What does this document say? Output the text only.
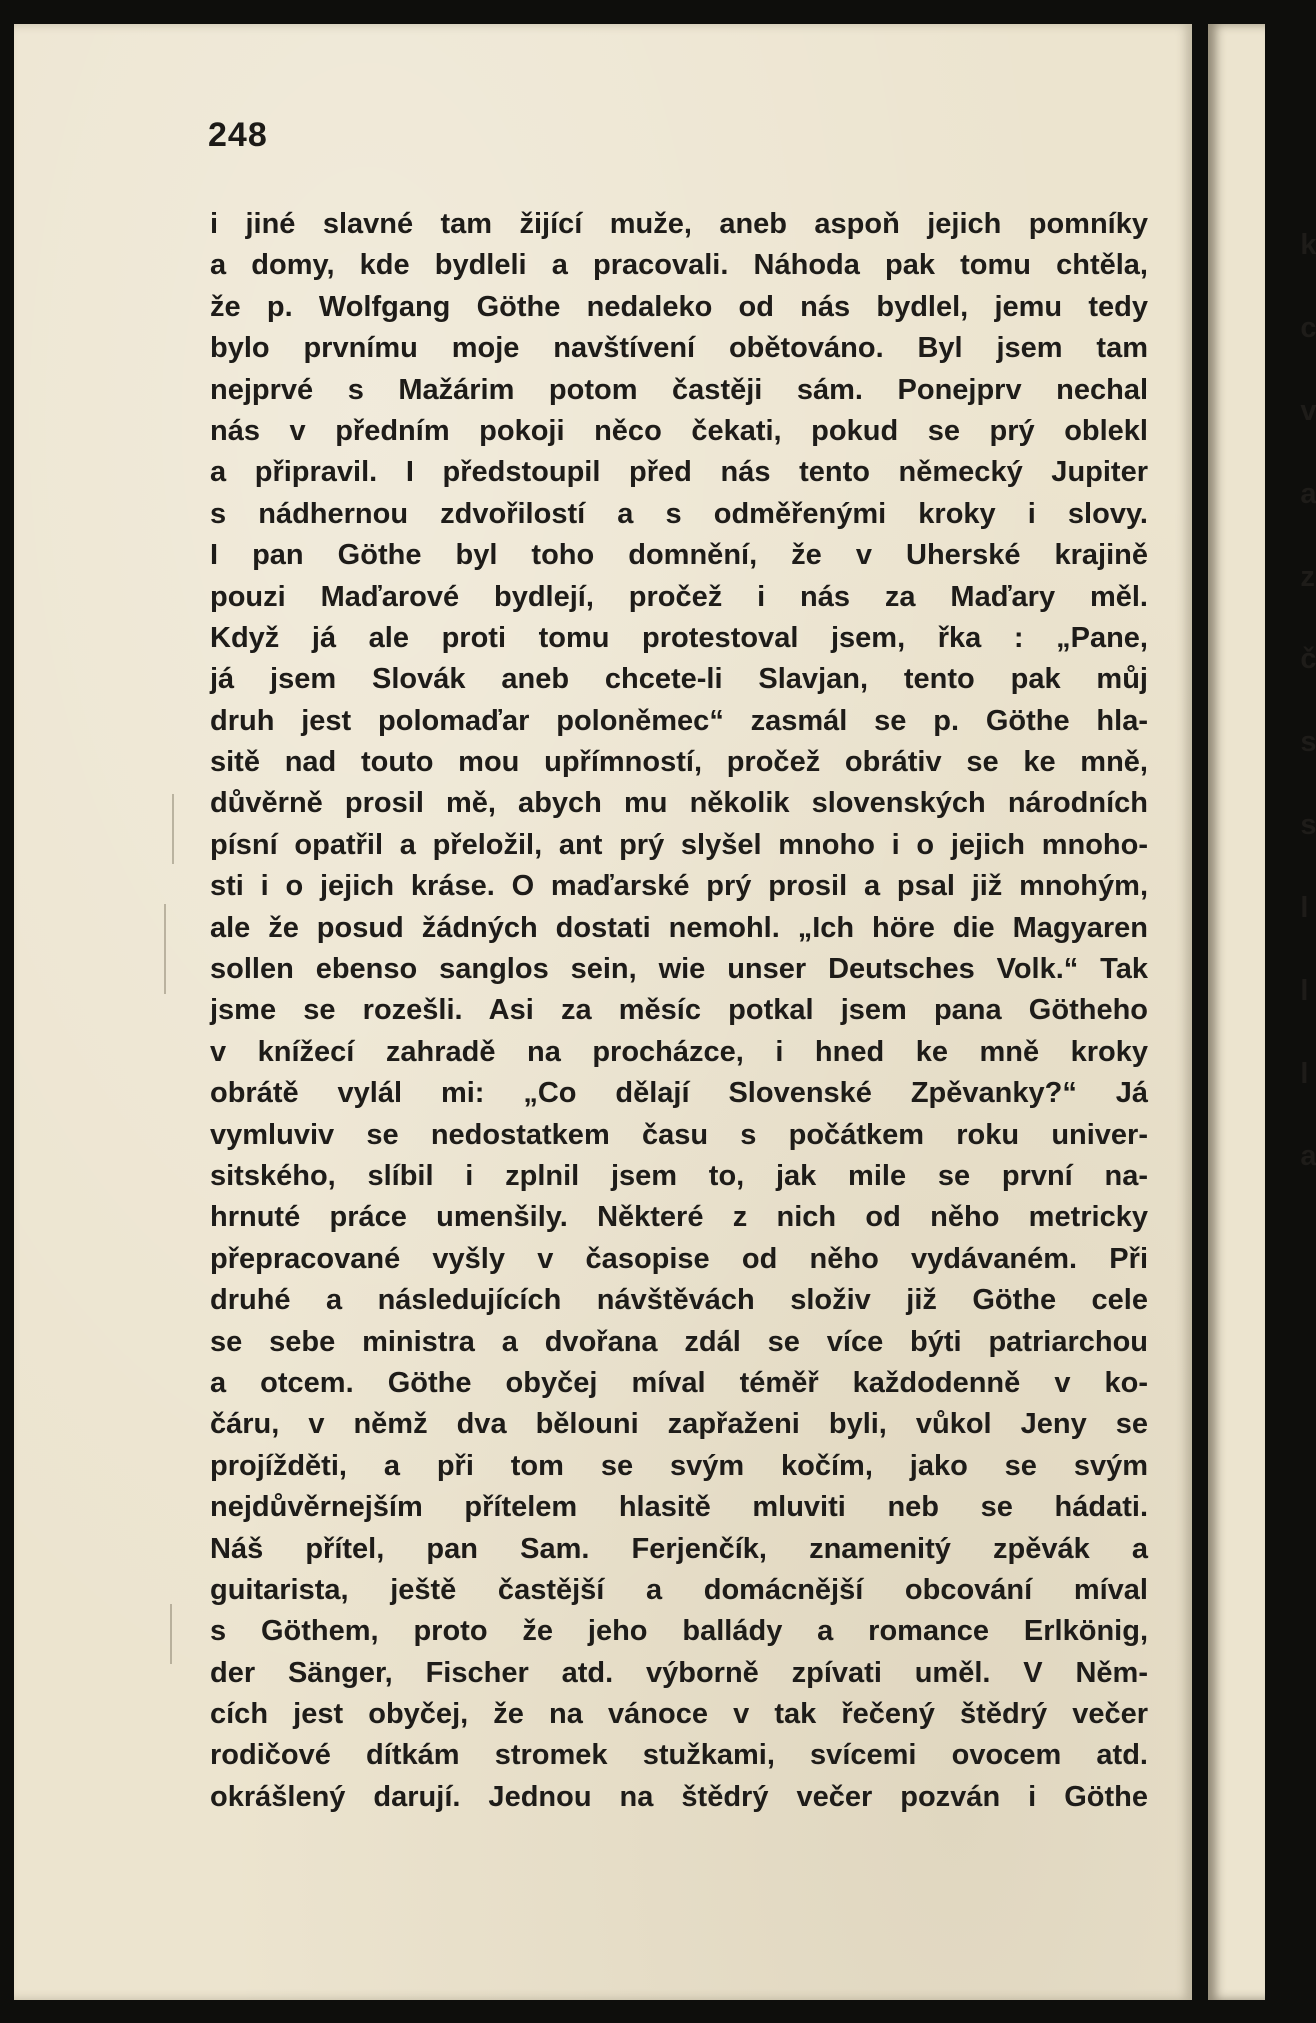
248

i jiné slavné tam žijící muže, aneb aspoň jejich pomníky
a domy, kde bydleli a pracovali. Náhoda pak tomu chtěla,
že p. Wolfgang Göthe nedaleko od nás bydlel, jemu tedy
bylo prvnímu moje navštívení obětováno. Byl jsem tam
nejprvé s Mažárim potom častěji sám. Ponejprv nechal
nás v předním pokoji něco čekati, pokud se prý oblekl
a připravil. I předstoupil před nás tento německý Jupiter
s nádhernou zdvořilostí a s odměřenými kroky i slovy.
I pan Göthe byl toho domnění, že v Uherské krajině
pouzi Maďarové bydlejí, pročež i nás za Maďary měl.
Když já ale proti tomu protestoval jsem, řka : „Pane,
já jsem Slovák aneb chcete-li Slavjan, tento pak můj
druh jest polomaďar poloněmec“ zasmál se p. Göthe hla-
sitě nad touto mou upřímností, pročež obrátiv se ke mně,
důvěrně prosil mě, abych mu několik slovenských národních
písní opatřil a přeložil, ant prý slyšel mnoho i o jejich mnoho-
sti i o jejich kráse. O maďarské prý prosil a psal již mnohým,
ale že posud žádných dostati nemohl. „Ich höre die Magyaren
sollen ebenso sanglos sein, wie unser Deutsches Volk.“ Tak
jsme se rozešli. Asi za měsíc potkal jsem pana Götheho
v knížecí zahradě na procházce, i hned ke mně kroky
obrátě vylál mi: „Co dělají Slovenské Zpěvanky?“ Já
vymluviv se nedostatkem času s počátkem roku univer-
sitského, slíbil i zplnil jsem to, jak mile se první na-
hrnuté práce umenšily. Některé z nich od něho metricky
přepracované vyšly v časopise od něho vydávaném. Při
druhé a následujících návštěvách složiv již Göthe cele
se sebe ministra a dvořana zdál se více býti patriarchou
a otcem. Göthe obyčej míval téměř každodenně v ko-
čáru, v němž dva bělouni zapřaženi byli, vůkol Jeny se
projížděti, a při tom se svým kočím, jako se svým
nejdůvěrnejším přítelem hlasitě mluviti neb se hádati.
Náš přítel, pan Sam. Ferjenčík, znamenitý zpěvák a
guitarista, ještě častější a domácnější obcování míval
s Göthem, proto že jeho ballády a romance Erlkönig,
der Sänger, Fischer atd. výborně zpívati uměl. V Něm-
cích jest obyčej, že na vánoce v tak řečený štědrý večer
rodičové dítkám stromek stužkami, svícemi ovocem atd.
okrášlený darují. Jednou na štědrý večer pozván i Göthe

k

c

v

a

z

č

s

s

l

l

l

a
